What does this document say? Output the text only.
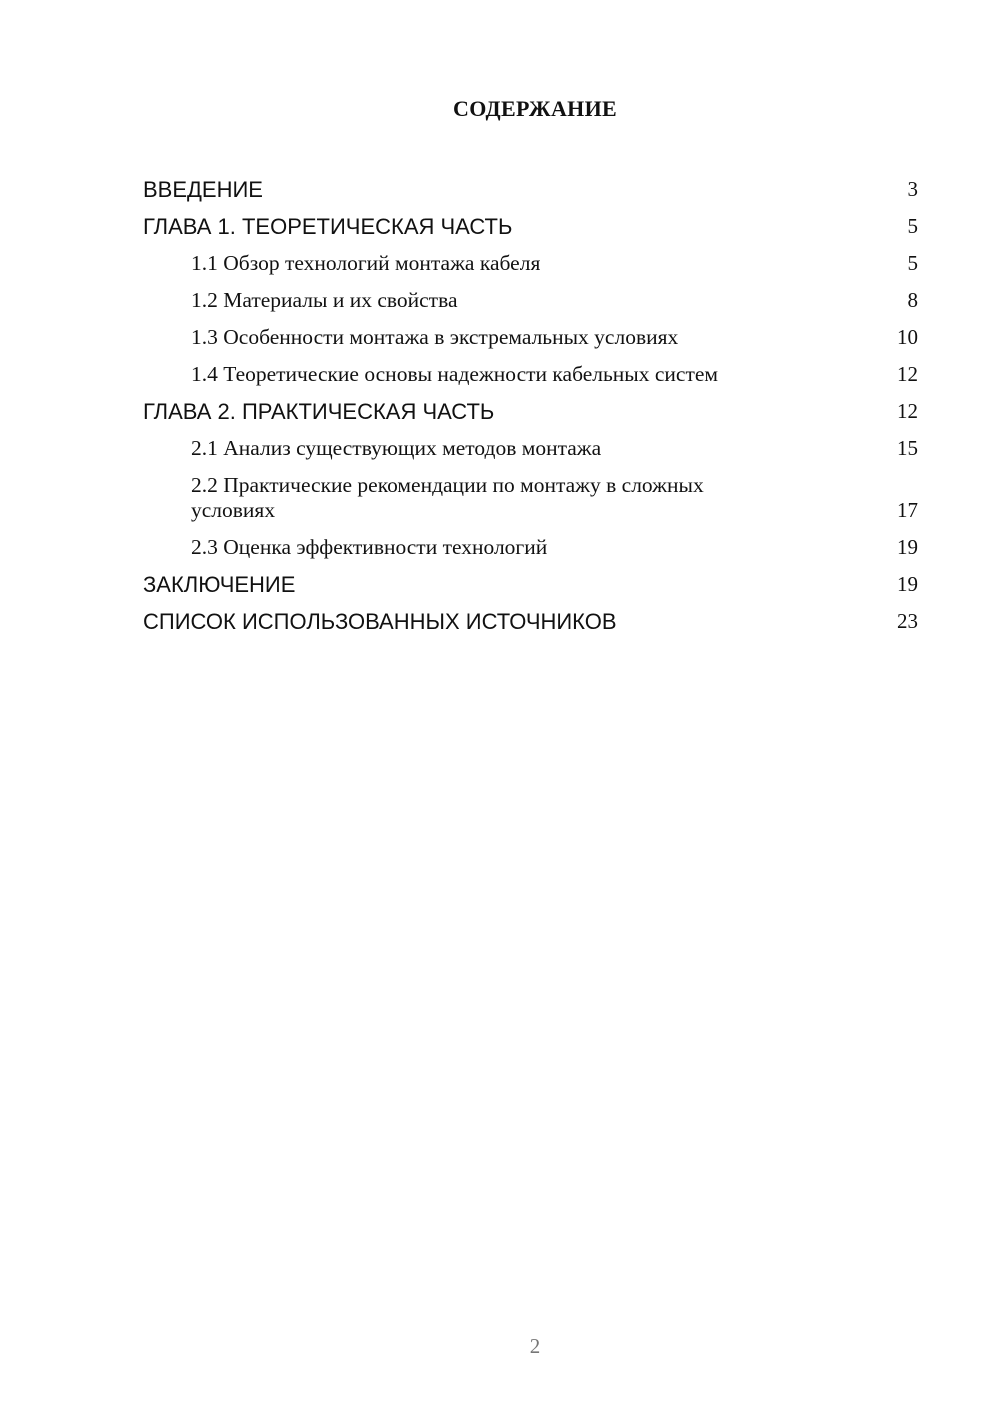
СОДЕРЖАНИЕ
ВВЕДЕНИЕ	3
ГЛАВА 1. ТЕОРЕТИЧЕСКАЯ ЧАСТЬ	5
1.1 Обзор технологий монтажа кабеля	5
1.2 Материалы и их свойства	8
1.3 Особенности монтажа в экстремальных условиях	10
1.4 Теоретические основы надежности кабельных систем	12
ГЛАВА 2. ПРАКТИЧЕСКАЯ ЧАСТЬ	12
2.1 Анализ существующих методов монтажа	15
2.2 Практические рекомендации по монтажу в сложных условиях	17
2.3 Оценка эффективности технологий	19
ЗАКЛЮЧЕНИЕ	19
СПИСОК ИСПОЛЬЗОВАННЫХ ИСТОЧНИКОВ	23
2
